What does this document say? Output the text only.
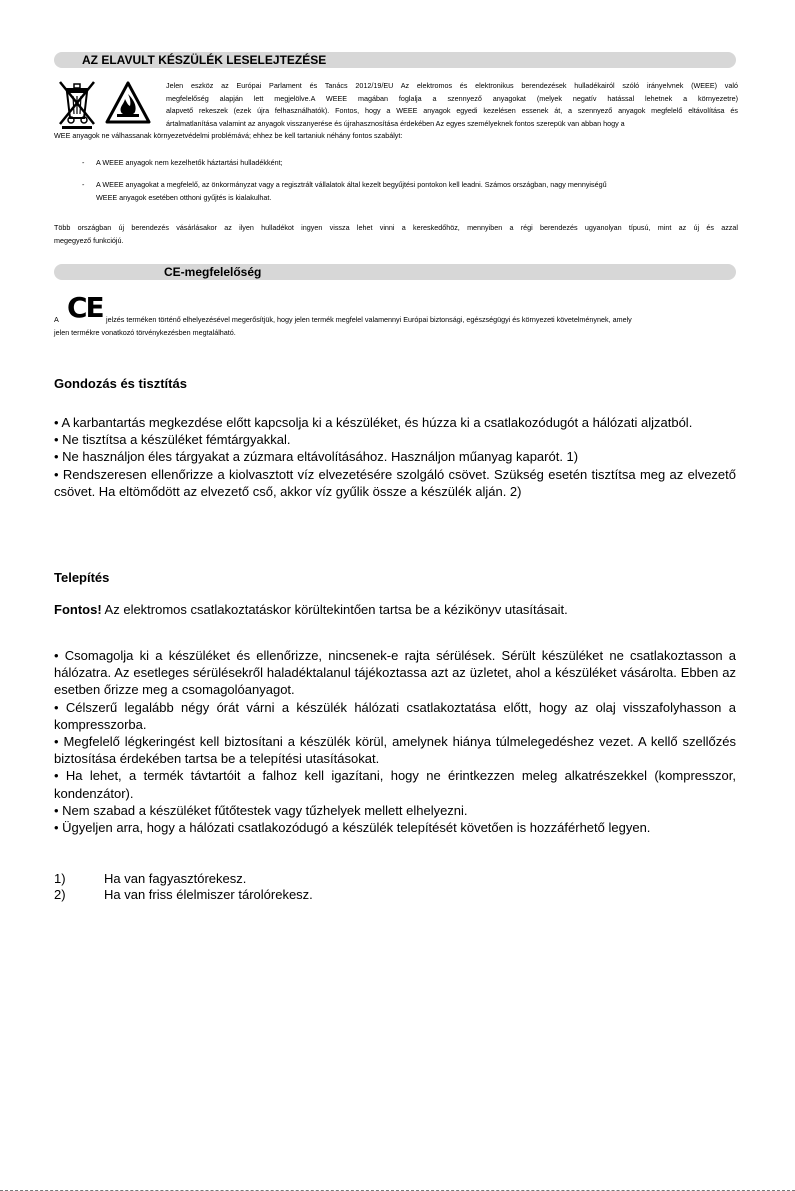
AZ ELAVULT KÉSZÜLÉK LESELEJTEZÉSE

Jelen eszköz az Európai Parlament és Tanács 2012/19/EU Az elektromos és elektronikus berendezések hulladékairól szóló irányelvnek (WEEE) való

megfelelőség alapján lett megjelölve.A WEEE magában foglalja a szennyező anyagokat (melyek negatív hatással lehetnek a környezetre)

alapvető rekeszek (ezek újra felhasználhatók). Fontos, hogy a WEEE anyagok egyedi kezelésen essenek át, a szennyező anyagok megfelelő eltávolítása és

ártalmatlanítása valamint az anyagok visszanyerése és újrahasznosítása érdekében Az egyes személyeknek fontos szerepük van abban hogy a

WEE anyagok ne válhassanak környezetvédelmi problémává; ehhez be kell tartaniuk néhány fontos szabályt:
- A WEEE anyagok nem kezelhetők háztartási hulladékként;
- A WEEE anyagokat a megfelelő, az önkormányzat vagy a regisztrált vállalatok által kezelt begyűjtési pontokon kell leadni. Számos országban, nagy mennyiségű

WEEE anyagok esetében otthoni gyűjtés is kialakulhat.

Több országban új berendezés vásárlásakor az ilyen hulladékot ingyen vissza lehet vinni a kereskedőhöz, mennyiben a régi berendezés ugyanolyan típusú, mint az új és azzal

megegyező funkciójú.

CE-megfelelőség
A CE jelzés terméken történő elhelyezésével megerősítjük, hogy jelen termék megfelel valamennyi Európai biztonsági, egészségügyi és környezeti követelménynek, amely
jelen termékre vonatkozó törvénykezésben megtalálható.
Gondozás és tisztítás

• A karbantartás megkezdése előtt kapcsolja ki a készüléket, és húzza ki a csatlakozódugót a hálózati aljzatból.

• Ne tisztítsa a készüléket fémtárgyakkal.

• Ne használjon éles tárgyakat a zúzmara eltávolításához. Használjon műanyag kaparót. 1)

• Rendszeresen ellenőrizze a kiolvasztott víz elvezetésére szolgáló csövet. Szükség esetén tisztítsa meg az elvezető csövet. Ha eltömődött az elvezető cső, akkor víz gyűlik össze a készülék alján. 2)

Telepítés

Fontos! Az elektromos csatlakoztatáskor körültekintően tartsa be a kézikönyv utasításait.

• Csomagolja ki a készüléket és ellenőrizze, nincsenek-e rajta sérülések. Sérült készüléket ne csatlakoztasson a hálózatra. Az esetleges sérülésekről haladéktalanul tájékoztassa azt az üzletet, ahol a készüléket vásárolta. Ebben az esetben őrizze meg a csomagolóanyagot.

• Célszerű legalább négy órát várni a készülék hálózati csatlakoztatása előtt, hogy az olaj visszafolyhasson a kompresszorba.

• Megfelelő légkeringést kell biztosítani a készülék körül, amelynek hiánya túlmelegedéshez vezet. A kellő szellőzés biztosítása érdekében tartsa be a telepítési utasításokat.

• Ha lehet, a termék távtartóit a falhoz kell igazítani, hogy ne érintkezzen meleg alkatrészekkel (kompresszor, kondenzátor).

• Nem szabad a készüléket fűtőtestek vagy tűzhelyek mellett elhelyezni.

• Ügyeljen arra, hogy a hálózati csatlakozódugó a készülék telepítését követően is hozzáférhető legyen.

1)	Ha van fagyasztórekesz.
2)	Ha van friss élelmiszer tárolórekesz.
